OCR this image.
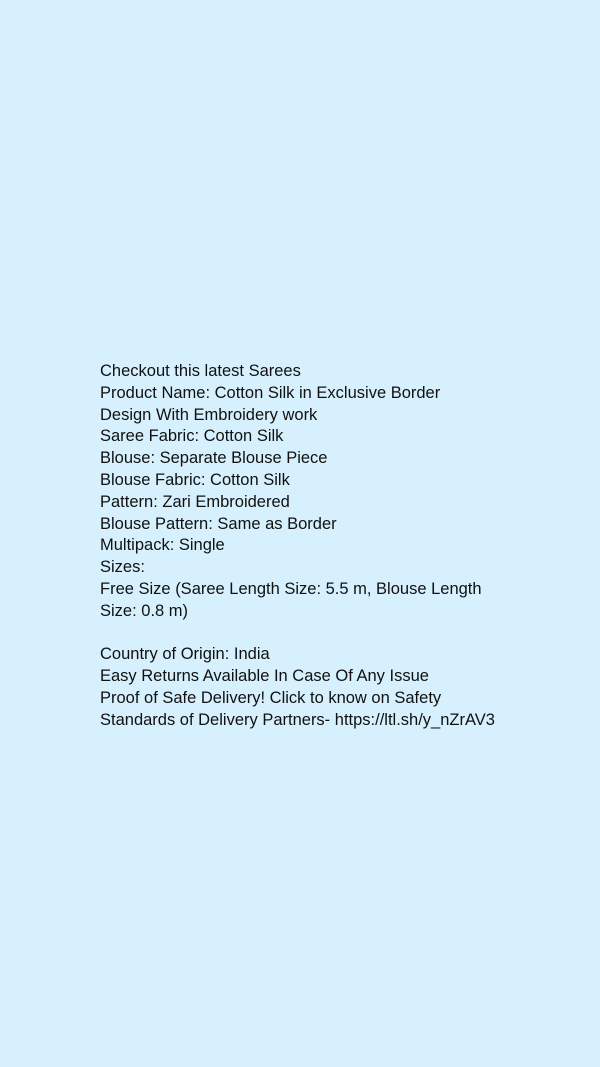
Checkout this latest Sarees
Product Name: Cotton Silk in Exclusive Border
Design With Embroidery work
Saree Fabric: Cotton Silk
Blouse: Separate Blouse Piece
Blouse Fabric: Cotton Silk
Pattern: Zari Embroidered
Blouse Pattern: Same as Border
Multipack: Single
Sizes:
Free Size (Saree Length Size: 5.5 m, Blouse Length
Size: 0.8 m)
Country of Origin: India
Easy Returns Available In Case Of Any Issue
Proof of Safe Delivery! Click to know on Safety
Standards of Delivery Partners- https://ltl.sh/y_nZrAV3
